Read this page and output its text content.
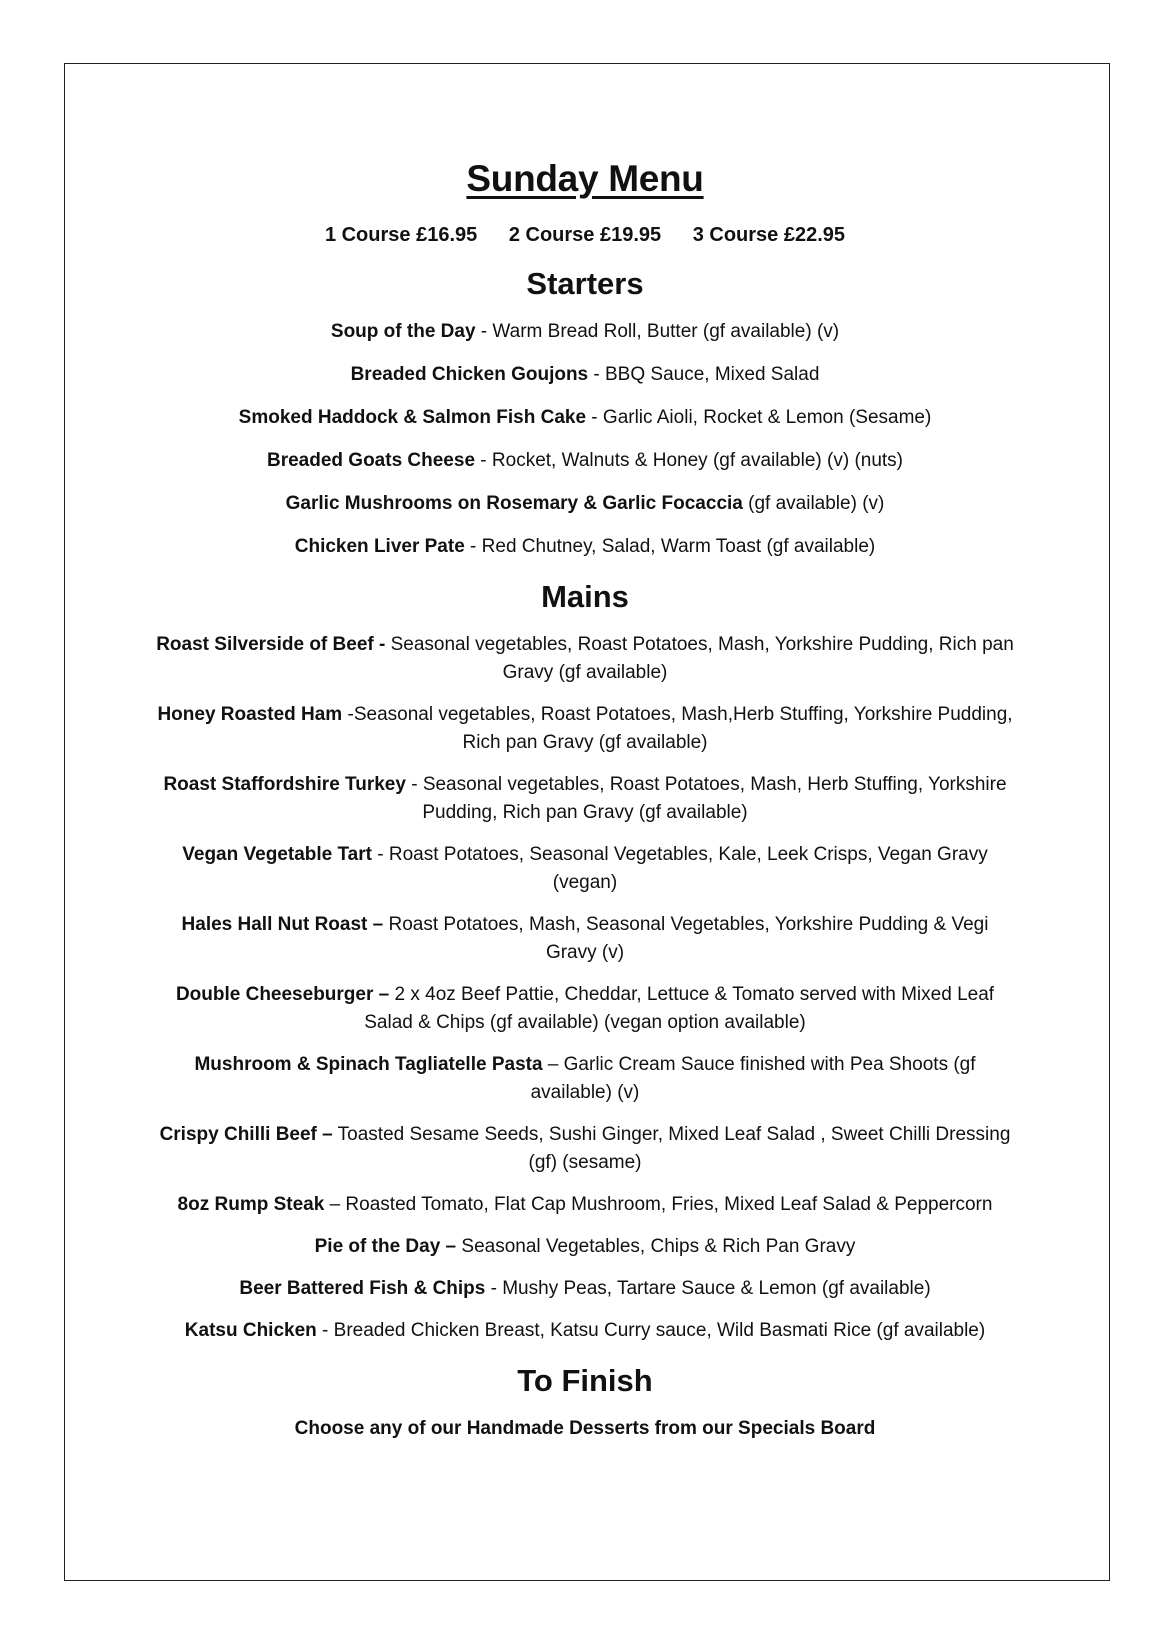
Sunday Menu
1 Course £16.95 2 Course £19.95 3 Course £22.95
Starters

Soup of the Day - Warm Bread Roll, Butter (gf available) (v)

Breaded Chicken Goujons - BBQ Sauce, Mixed Salad

Smoked Haddock & Salmon Fish Cake - Garlic Aioli, Rocket & Lemon (Sesame)

Breaded Goats Cheese - Rocket, Walnuts & Honey (gf available) (v) (nuts)

Garlic Mushrooms on Rosemary & Garlic Focaccia (gf available) (v)

Chicken Liver Pate - Red Chutney, Salad, Warm Toast (gf available)

Mains

Roast Silverside of Beef - Seasonal vegetables, Roast Potatoes, Mash, Yorkshire Pudding, Rich pan Gravy (gf available)

Honey Roasted Ham -Seasonal vegetables, Roast Potatoes, Mash,Herb Stuffing, Yorkshire Pudding, Rich pan Gravy (gf available)

Roast Staffordshire Turkey - Seasonal vegetables, Roast Potatoes, Mash, Herb Stuffing, Yorkshire Pudding, Rich pan Gravy (gf available)

Vegan Vegetable Tart - Roast Potatoes, Seasonal Vegetables, Kale, Leek Crisps, Vegan Gravy (vegan)

Hales Hall Nut Roast – Roast Potatoes, Mash, Seasonal Vegetables, Yorkshire Pudding & Vegi Gravy (v)

Double Cheeseburger – 2 x 4oz Beef Pattie, Cheddar, Lettuce & Tomato served with Mixed Leaf Salad & Chips (gf available) (vegan option available)

Mushroom & Spinach Tagliatelle Pasta – Garlic Cream Sauce finished with Pea Shoots (gf available) (v)

Crispy Chilli Beef – Toasted Sesame Seeds, Sushi Ginger, Mixed Leaf Salad , Sweet Chilli Dressing (gf) (sesame)

8oz Rump Steak – Roasted Tomato, Flat Cap Mushroom, Fries, Mixed Leaf Salad & Peppercorn

Pie of the Day – Seasonal Vegetables, Chips & Rich Pan Gravy

Beer Battered Fish & Chips - Mushy Peas, Tartare Sauce & Lemon (gf available)

Katsu Chicken - Breaded Chicken Breast, Katsu Curry sauce, Wild Basmati Rice (gf available)

To Finish
Choose any of our Handmade Desserts from our Specials Board
